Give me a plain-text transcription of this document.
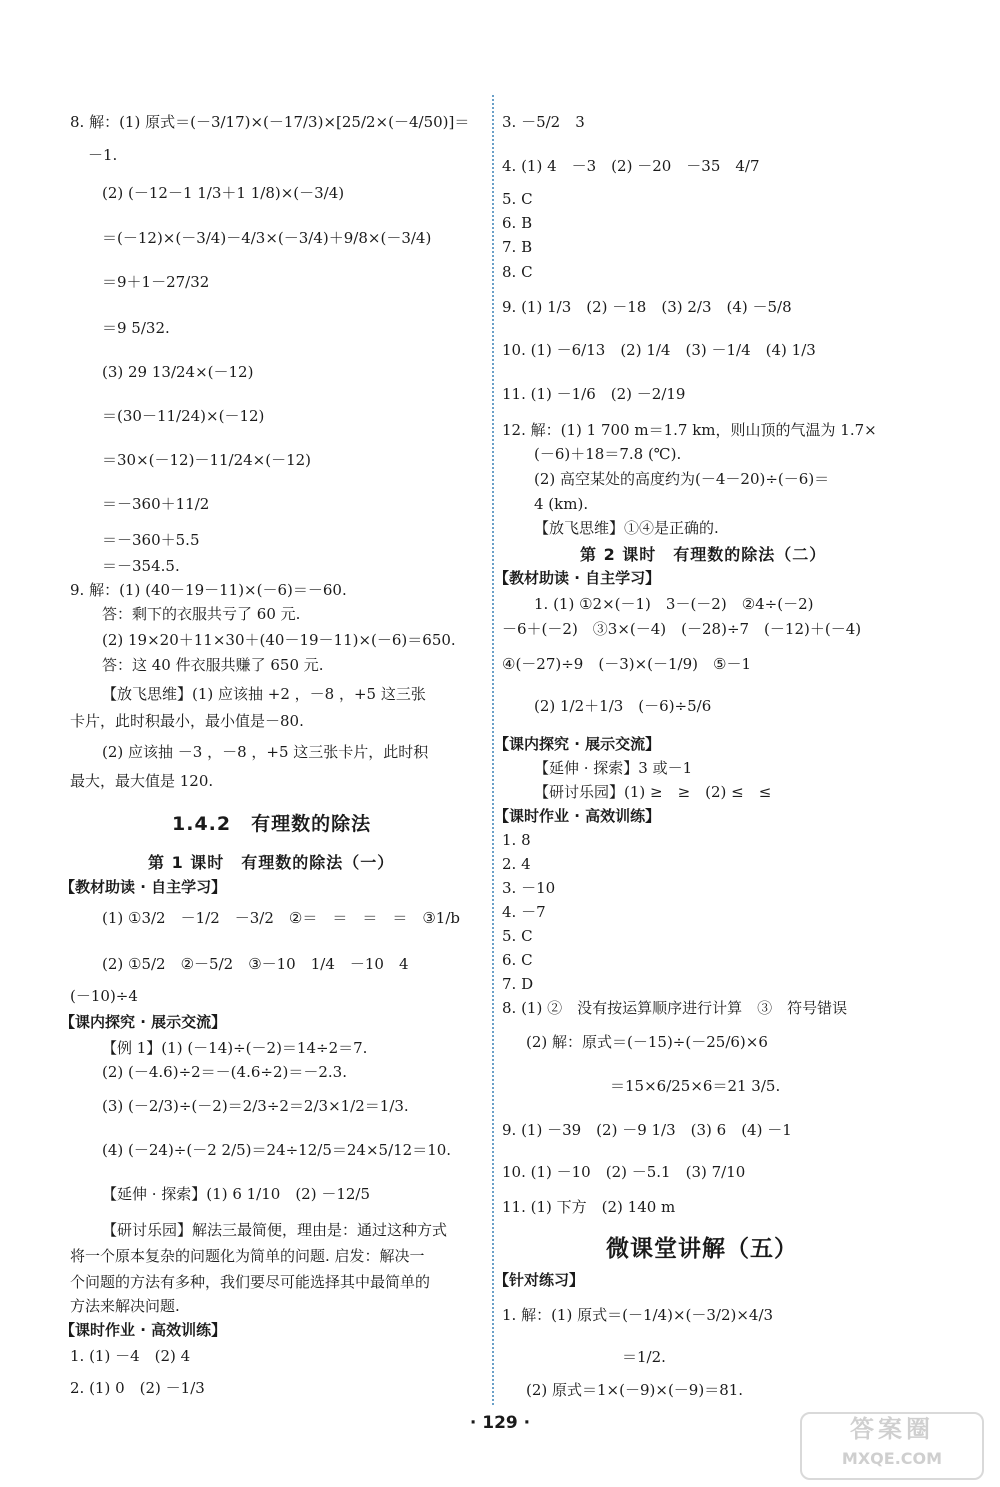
8. 解：(1) 原式＝(－3/17)×(－17/3)×[25/2×(－4/50)]＝
－1.
(2) (－12－1 1/3＋1 1/8)×(－3/4)
＝(－12)×(－3/4)－4/3×(－3/4)＋9/8×(－3/4)
＝9＋1－27/32
＝9 5/32.
(3) 29 13/24×(－12)
＝(30－11/24)×(－12)
＝30×(－12)－11/24×(－12)
＝－360＋11/2
＝－360＋5.5
＝－354.5.
9. 解：(1) (40－19－11)×(－6)＝－60.
答：剩下的衣服共亏了 60 元.
(2) 19×20＋11×30＋(40－19－11)×(－6)＝650.
答：这 40 件衣服共赚了 650 元.
【放飞思维】(1) 应该抽 +2 ，－8 ，+5 这三张
卡片，此时积最小，最小值是－80.
(2) 应该抽 －3 ，－8 ，+5 这三张卡片，此时积
最大，最大值是 120.
1.4.2　有理数的除法
第 1 课时　有理数的除法（一）
【教材助读 · 自主学习】
(1) ①3/2　－1/2　－3/2　②＝　＝　＝　＝　③1/b
(2) ①5/2　②－5/2　③－10　1/4　－10　4
(－10)÷4
【课内探究 · 展示交流】
【例 1】(1) (－14)÷(－2)＝14÷2＝7.
(2) (－4.6)÷2＝－(4.6÷2)＝－2.3.
(3) (－2/3)÷(－2)＝2/3÷2＝2/3×1/2＝1/3.
(4) (－24)÷(－2 2/5)＝24÷12/5＝24×5/12＝10.
【延伸 · 探索】(1) 6 1/10　(2) －12/5
【研讨乐园】解法三最简便，理由是：通过这种方式
将一个原本复杂的问题化为简单的问题. 启发：解决一
个问题的方法有多种，我们要尽可能选择其中最简单的
方法来解决问题.
【课时作业 · 高效训练】
1. (1) －4　(2) 4
2. (1) 0　(2) －1/3
3. －5/2　3
4. (1) 4　－3　(2) －20　－35　4/7
5. C
6. B
7. B
8. C
9. (1) 1/3　(2) －18　(3) 2/3　(4) －5/8
10. (1) －6/13　(2) 1/4　(3) －1/4　(4) 1/3
11. (1) －1/6　(2) －2/19
12. 解：(1) 1 700 m＝1.7 km，则山顶的气温为 1.7×
(－6)＋18＝7.8 (℃).
(2) 高空某处的高度约为(－4－20)÷(－6)＝
4 (km).
【放飞思维】①④是正确的.
第 2 课时　有理数的除法（二）
【教材助读 · 自主学习】
1. (1) ①2×(－1)　3－(－2)　②4÷(－2)
－6＋(－2)　③3×(－4)　(－28)÷7　(－12)＋(－4)
④(－27)÷9　(－3)×(－1/9)　⑤－1
(2) 1/2＋1/3　(－6)÷5/6
【课内探究 · 展示交流】
【延伸 · 探索】3 或－1
【研讨乐园】(1) ≥　≥　(2) ≤　≤
【课时作业 · 高效训练】
1. 8
2. 4
3. －10
4. －7
5. C
6. C
7. D
8. (1) ②　没有按运算顺序进行计算　③　符号错误
(2) 解：原式＝(－15)÷(－25/6)×6
＝15×6/25×6＝21 3/5.
9. (1) －39　(2) －9 1/3　(3) 6　(4) －1
10. (1) －10　(2) －5.1　(3) 7/10
11. (1) 下方　(2) 140 m
微课堂讲解（五）
【针对练习】
1. 解：(1) 原式＝(－1/4)×(－3/2)×4/3
＝1/2.
(2) 原式＝1×(－9)×(－9)＝81.
· 129 ·	答案圈
MXQE.COM
